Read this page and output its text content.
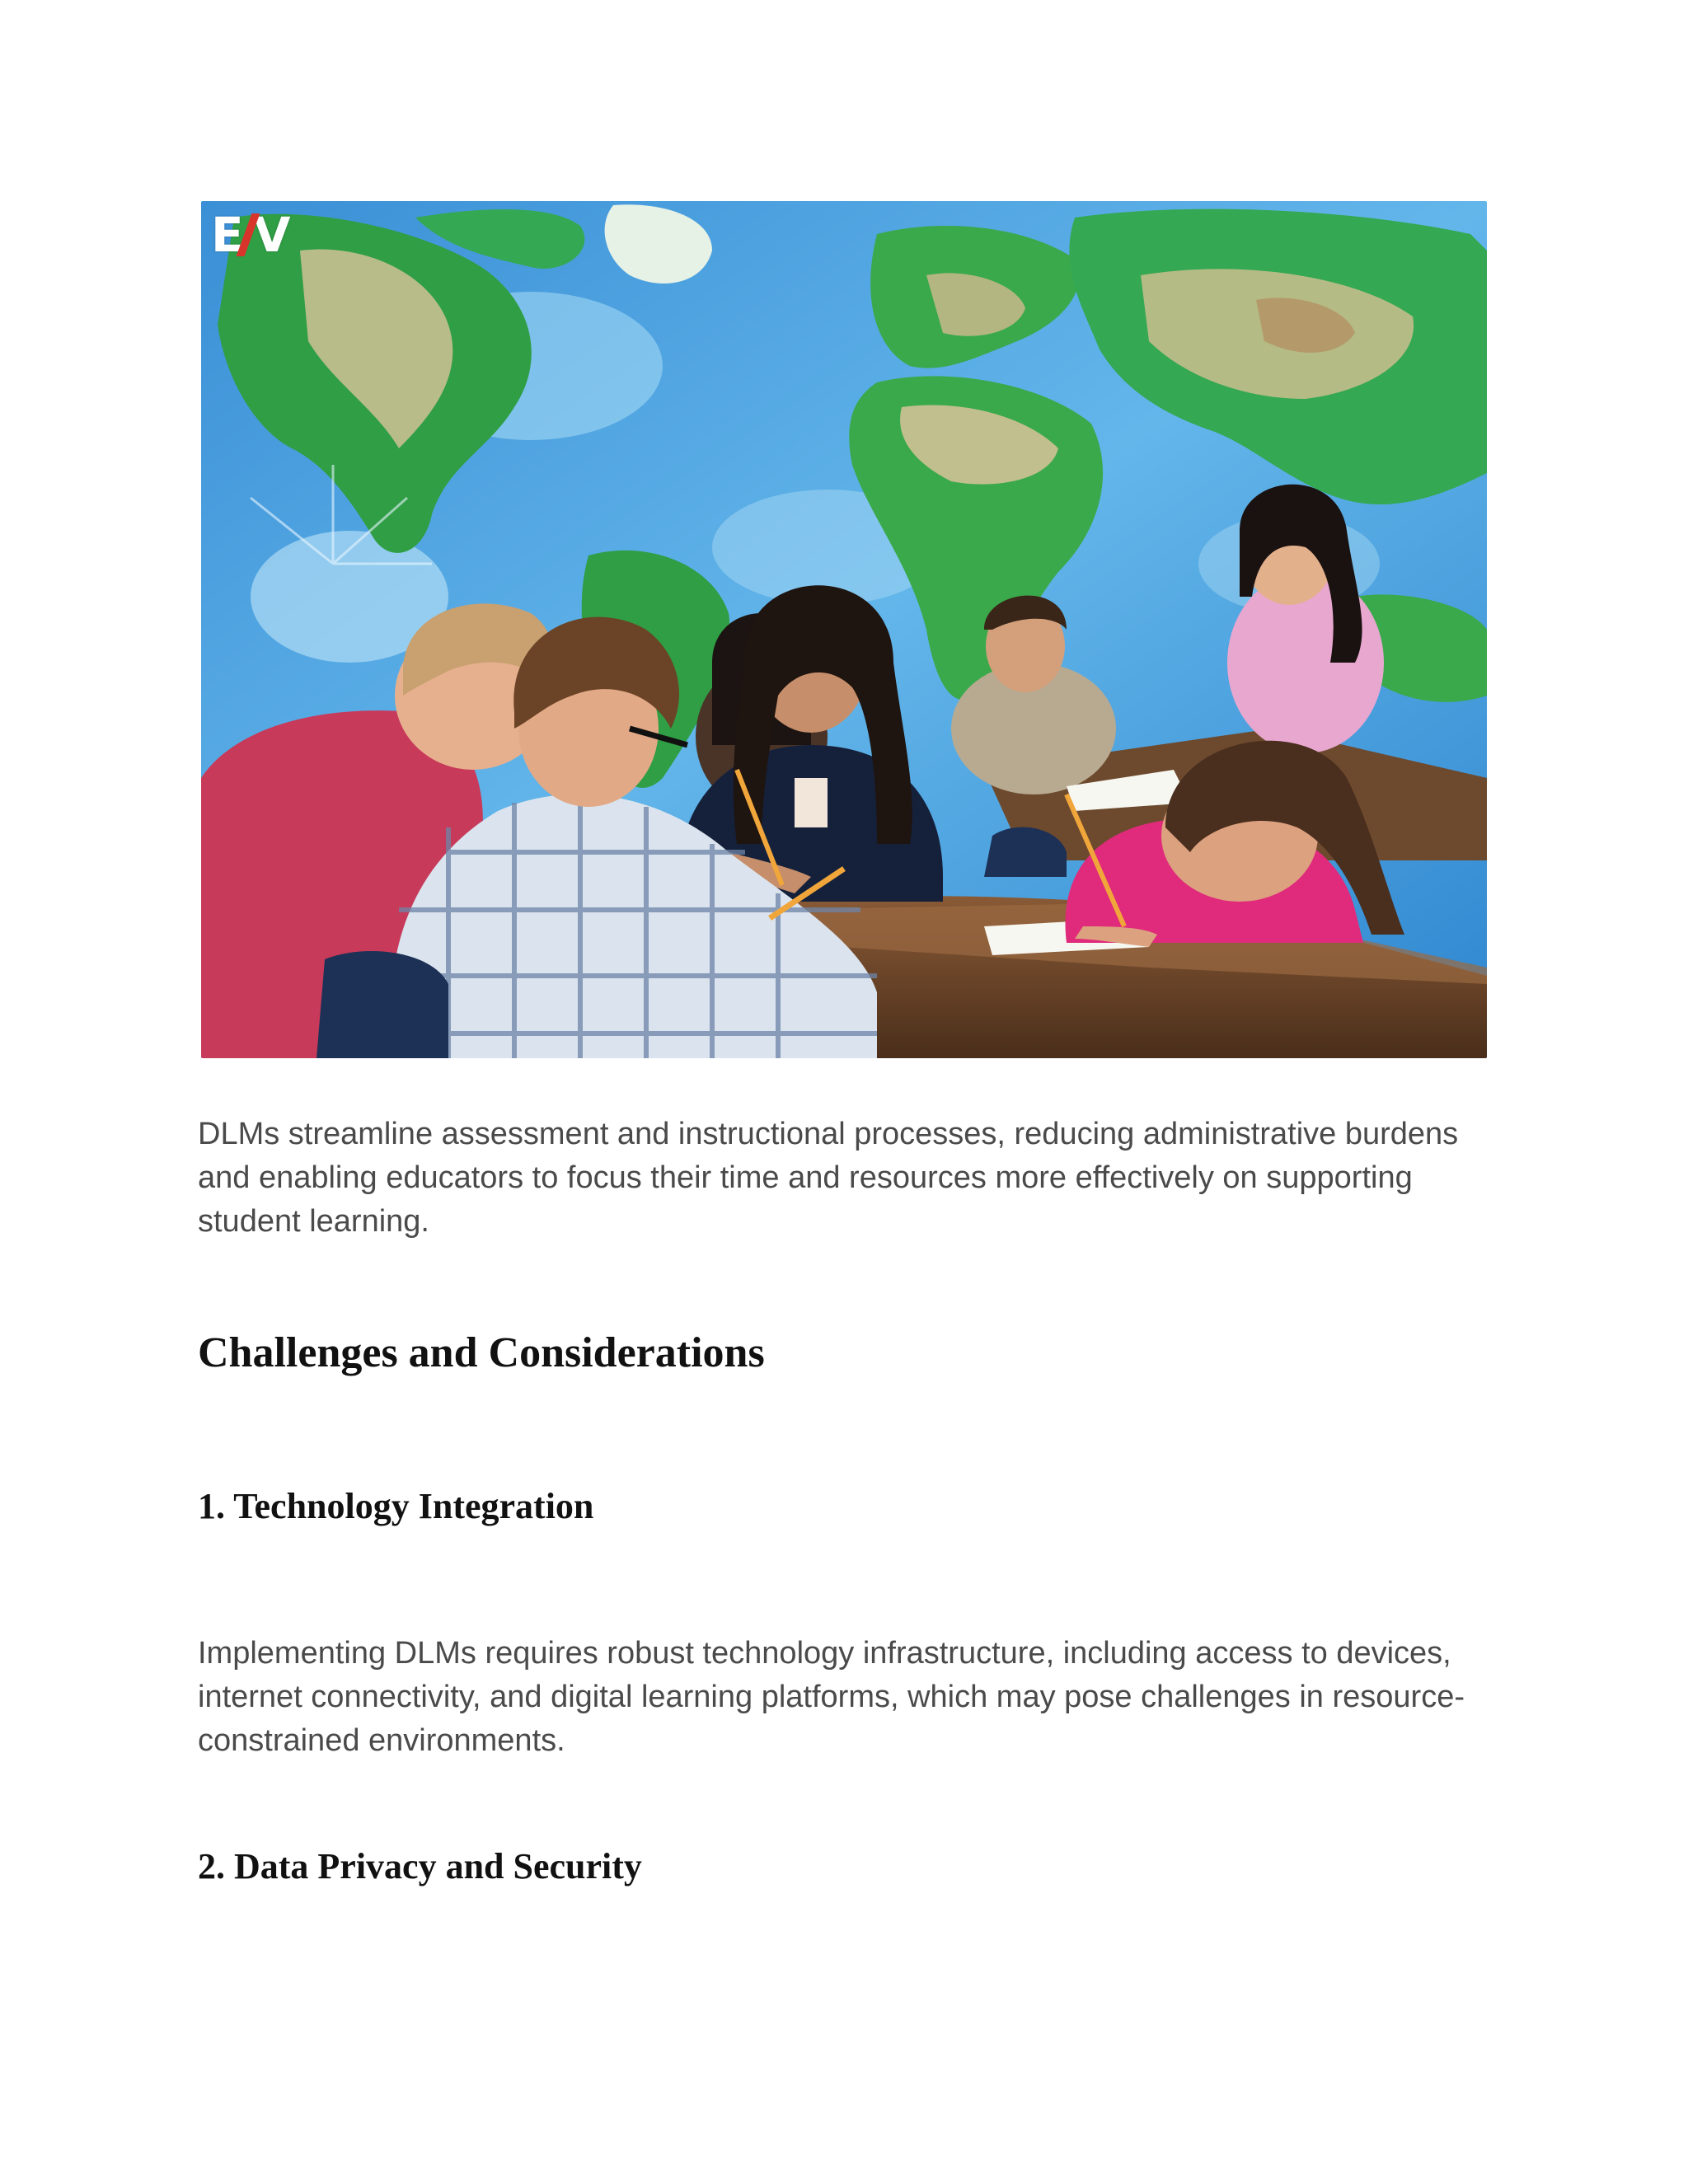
E V

DLMs streamline assessment and instructional processes, reducing administrative burdens and enabling educators to focus their time and resources more effectively on supporting student learning.

Challenges and Considerations
1. Technology Integration

Implementing DLMs requires robust technology infrastructure, including access to devices, internet connectivity, and digital learning platforms, which may pose challenges in resource-constrained environments.

2. Data Privacy and Security
